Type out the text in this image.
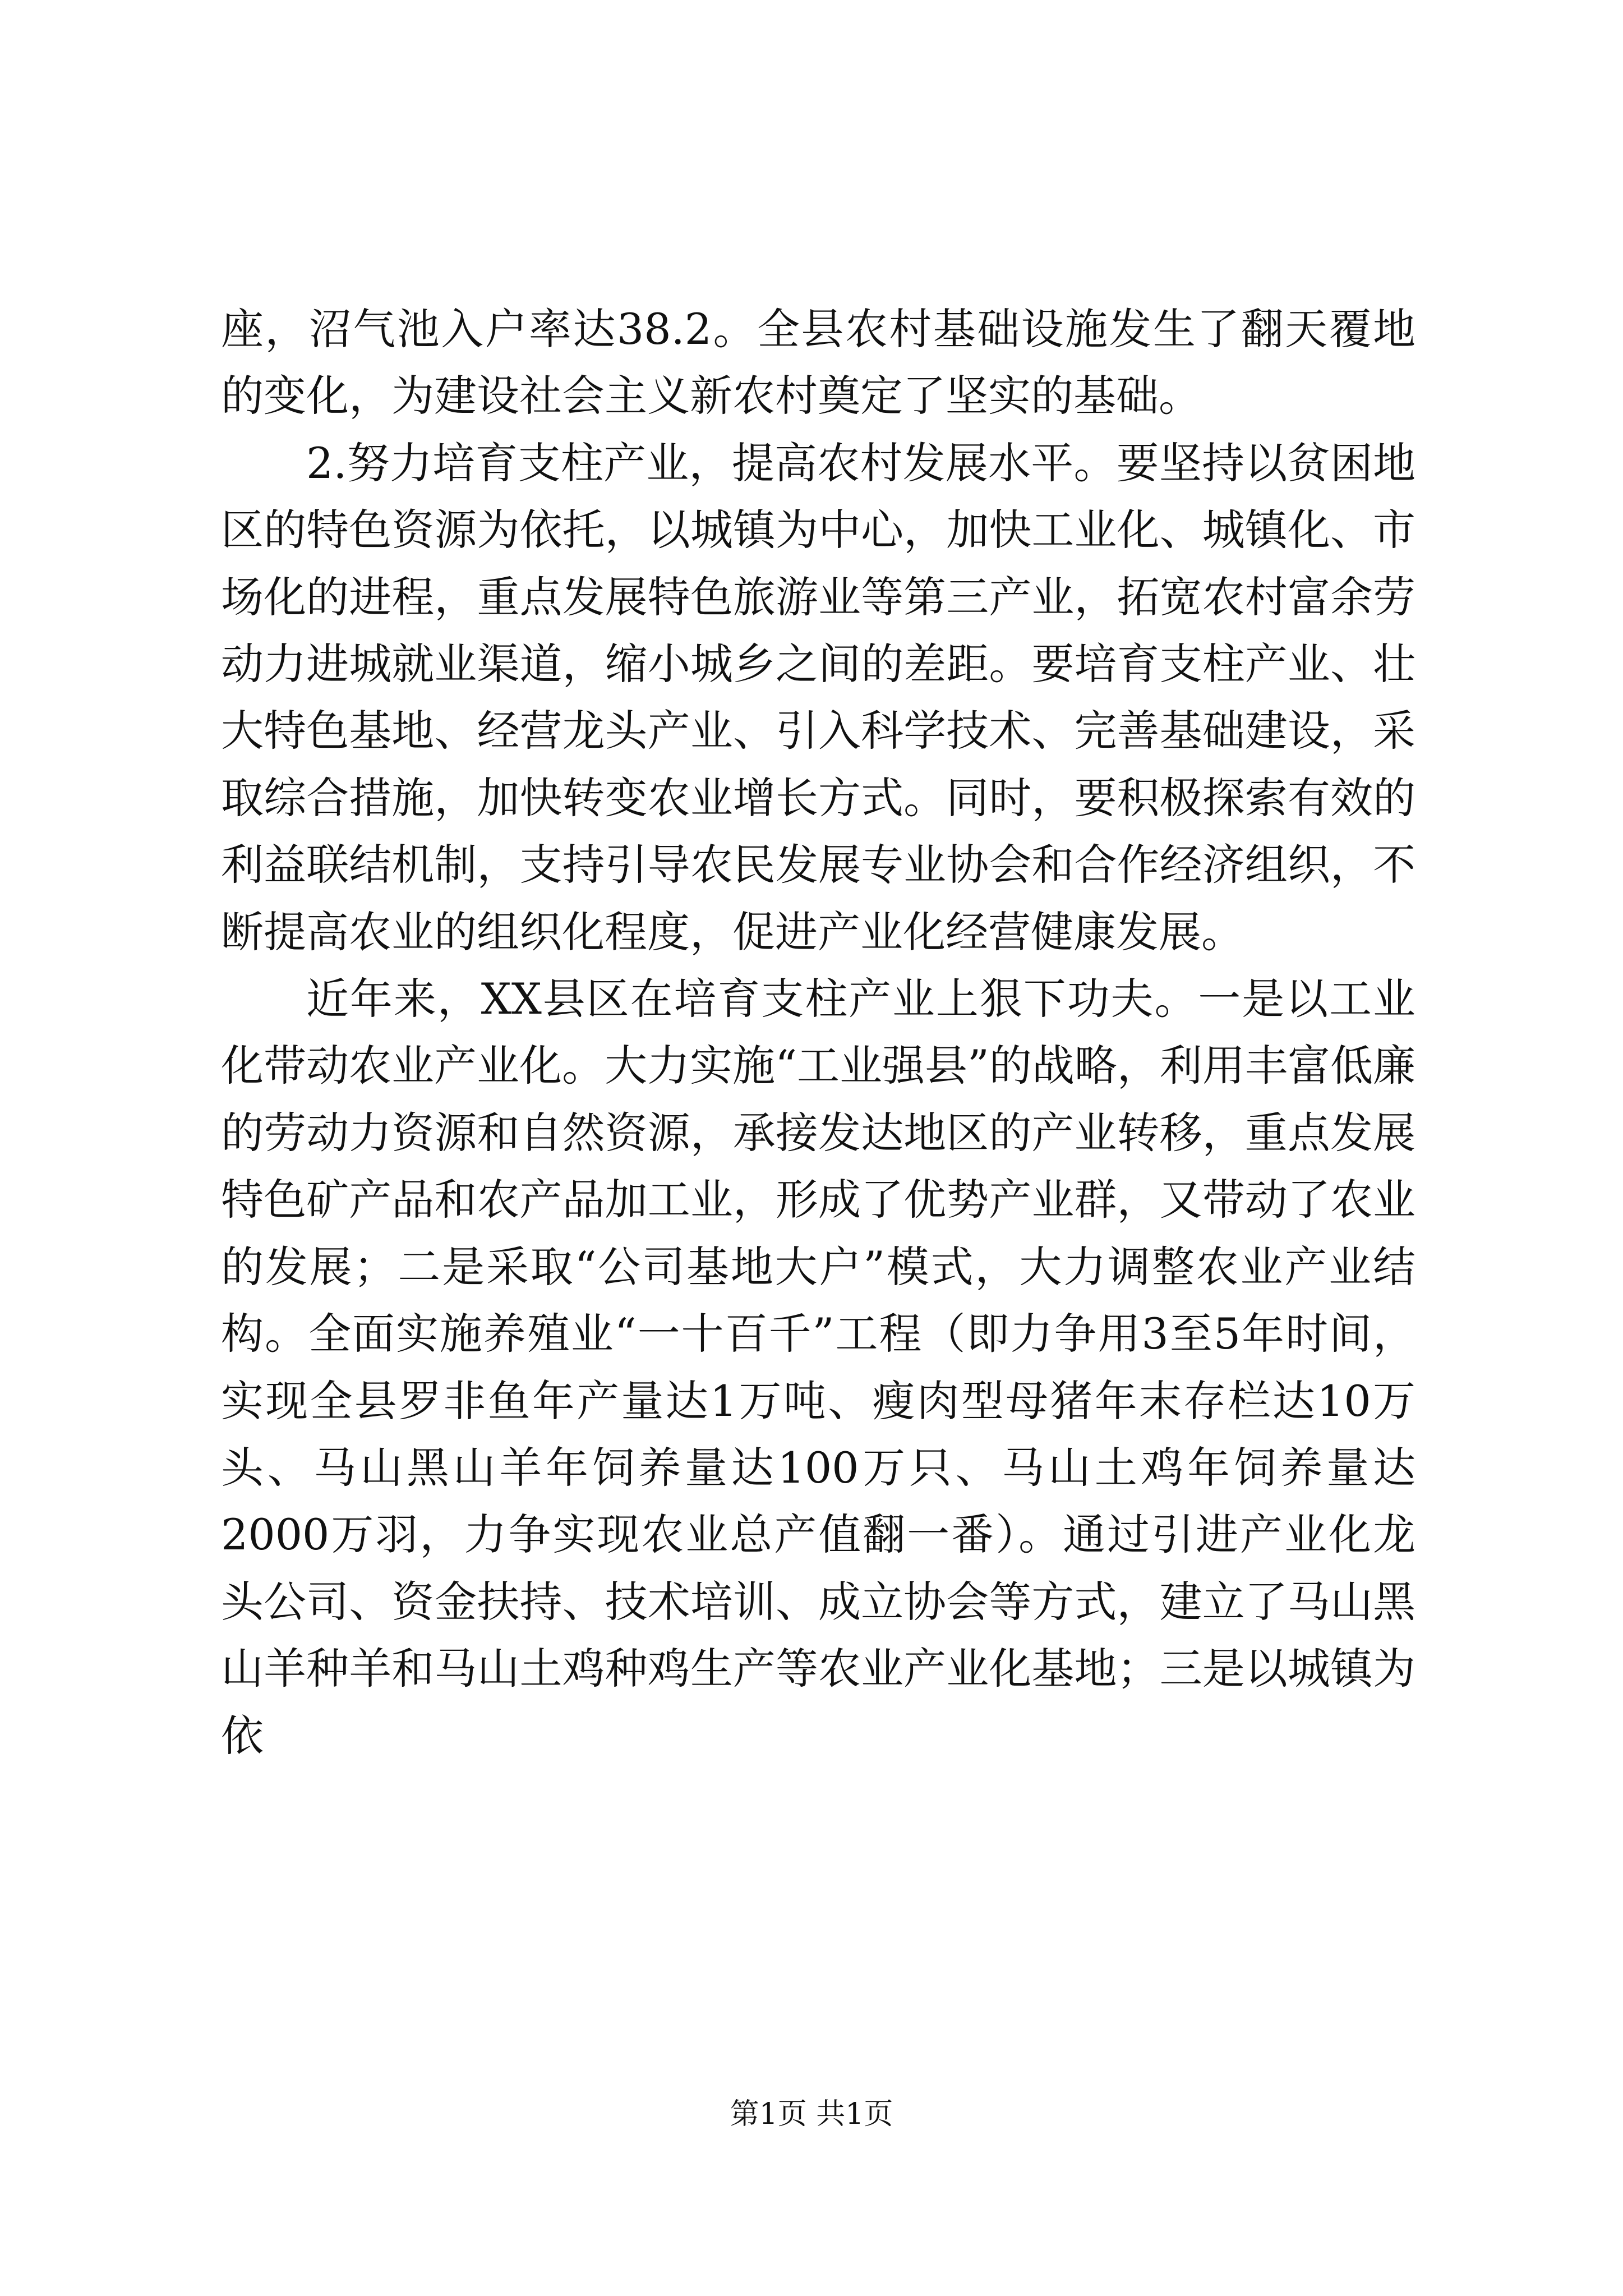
座，沼气池入户率达38.2。全县农村基础设施发生了翻天覆地的变化，为建设社会主义新农村奠定了坚实的基础。

2.努力培育支柱产业，提高农村发展水平。要坚持以贫困地区的特色资源为依托，以城镇为中心，加快工业化、城镇化、市场化的进程，重点发展特色旅游业等第三产业，拓宽农村富余劳动力进城就业渠道，缩小城乡之间的差距。要培育支柱产业、壮大特色基地、经营龙头产业、引入科学技术、完善基础建设，采取综合措施，加快转变农业增长方式。同时，要积极探索有效的利益联结机制，支持引导农民发展专业协会和合作经济组织，不断提高农业的组织化程度，促进产业化经营健康发展。

近年来，XX县区在培育支柱产业上狠下功夫。一是以工业化带动农业产业化。大力实施“工业强县”的战略，利用丰富低廉的劳动力资源和自然资源，承接发达地区的产业转移，重点发展特色矿产品和农产品加工业，形成了优势产业群，又带动了农业的发展；二是采取“公司基地大户”模式，大力调整农业产业结构。全面实施养殖业“一十百千”工程（即力争用3至5年时间，实现全县罗非鱼年产量达1万吨、瘦肉型母猪年末存栏达10万头、马山黑山羊年饲养量达100万只、马山土鸡年饲养量达2000万羽，力争实现农业总产值翻一番）。通过引进产业化龙头公司、资金扶持、技术培训、成立协会等方式，建立了马山黑山羊种羊和马山土鸡种鸡生产等农业产业化基地；三是以城镇为依

第1页 共1页
